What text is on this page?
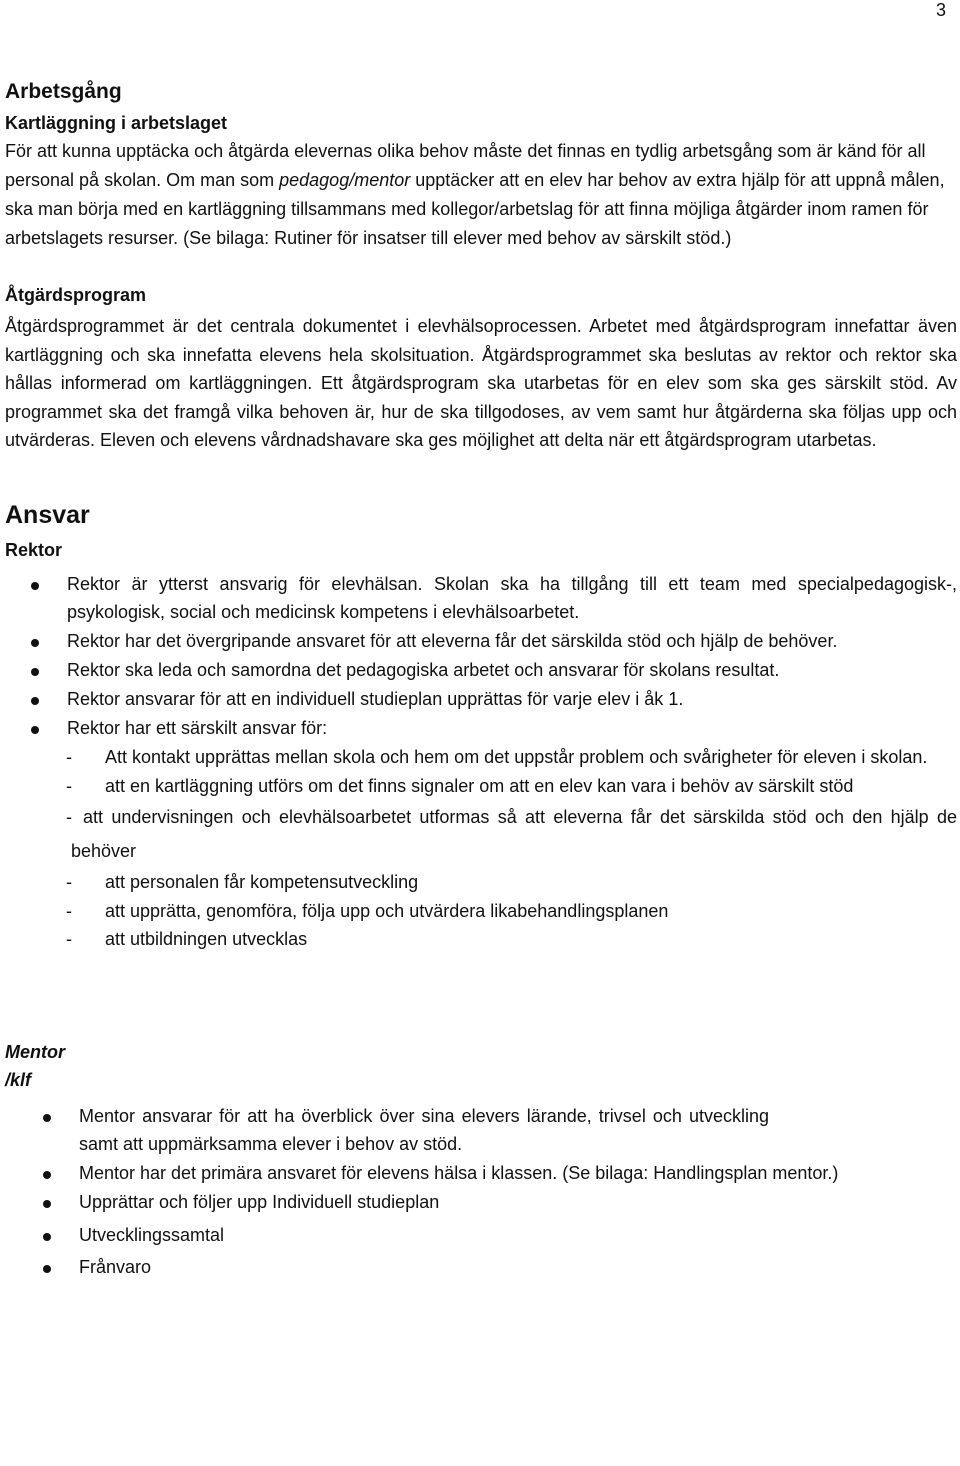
3
Arbetsgång
Kartläggning i arbetslaget

För att kunna upptäcka och åtgärda elevernas olika behov måste det finnas en tydlig arbetsgång som är känd för all personal på skolan. Om man som pedagog/mentor upptäcker att en elev har behov av extra hjälp för att uppnå målen, ska man börja med en kartläggning tillsammans med kollegor/arbetslag för att finna möjliga åtgärder inom ramen för arbetslagets resurser. (Se bilaga: Rutiner för insatser till elever med behov av särskilt stöd.)

Åtgärdsprogram

Åtgärdsprogrammet är det centrala dokumentet i elevhälsoprocessen. Arbetet med åtgärdsprogram innefattar även kartläggning och ska innefatta elevens hela skolsituation. Åtgärdsprogrammet ska beslutas av rektor och rektor ska hållas informerad om kartläggningen. Ett åtgärdsprogram ska utarbetas för en elev som ska ges särskilt stöd. Av programmet ska det framgå vilka behoven är, hur de ska tillgodoses, av vem samt hur åtgärderna ska följas upp och utvärderas. Eleven och elevens vårdnadshavare ska ges möjlighet att delta när ett åtgärdsprogram utarbetas.

Ansvar
Rektor
Rektor är ytterst ansvarig för elevhälsan. Skolan ska ha tillgång till ett team med specialpedagogisk-, psykologisk, social och medicinsk kompetens i elevhälsoarbetet.
Rektor har det övergripande ansvaret för att eleverna får det särskilda stöd och hjälp de behöver.
Rektor ska leda och samordna det pedagogiska arbetet och ansvarar för skolans resultat.
Rektor ansvarar för att en individuell studieplan upprättas för varje elev i åk 1.
Rektor har ett särskilt ansvar för:
- Att kontakt upprättas mellan skola och hem om det uppstår problem och svårigheter för eleven i skolan.
- att en kartläggning utförs om det finns signaler om att en elev kan vara i behöv av särskilt stöd
- att undervisningen och elevhälsoarbetet utformas så att eleverna får det särskilda stöd och den hjälp de behöver
- att personalen får kompetensutveckling
- att upprätta, genomföra, följa upp och utvärdera likabehandlingsplanen
- att utbildningen utvecklas
Mentor
/klf
Mentor ansvarar för att ha överblick över sina elevers lärande, trivsel och utveckling samt att uppmärksamma elever i behov av stöd.
Mentor har det primära ansvaret för elevens hälsa i klassen. (Se bilaga: Handlingsplan mentor.)
Upprättar och följer upp Individuell studieplan
Utvecklingssamtal
Frånvaro
